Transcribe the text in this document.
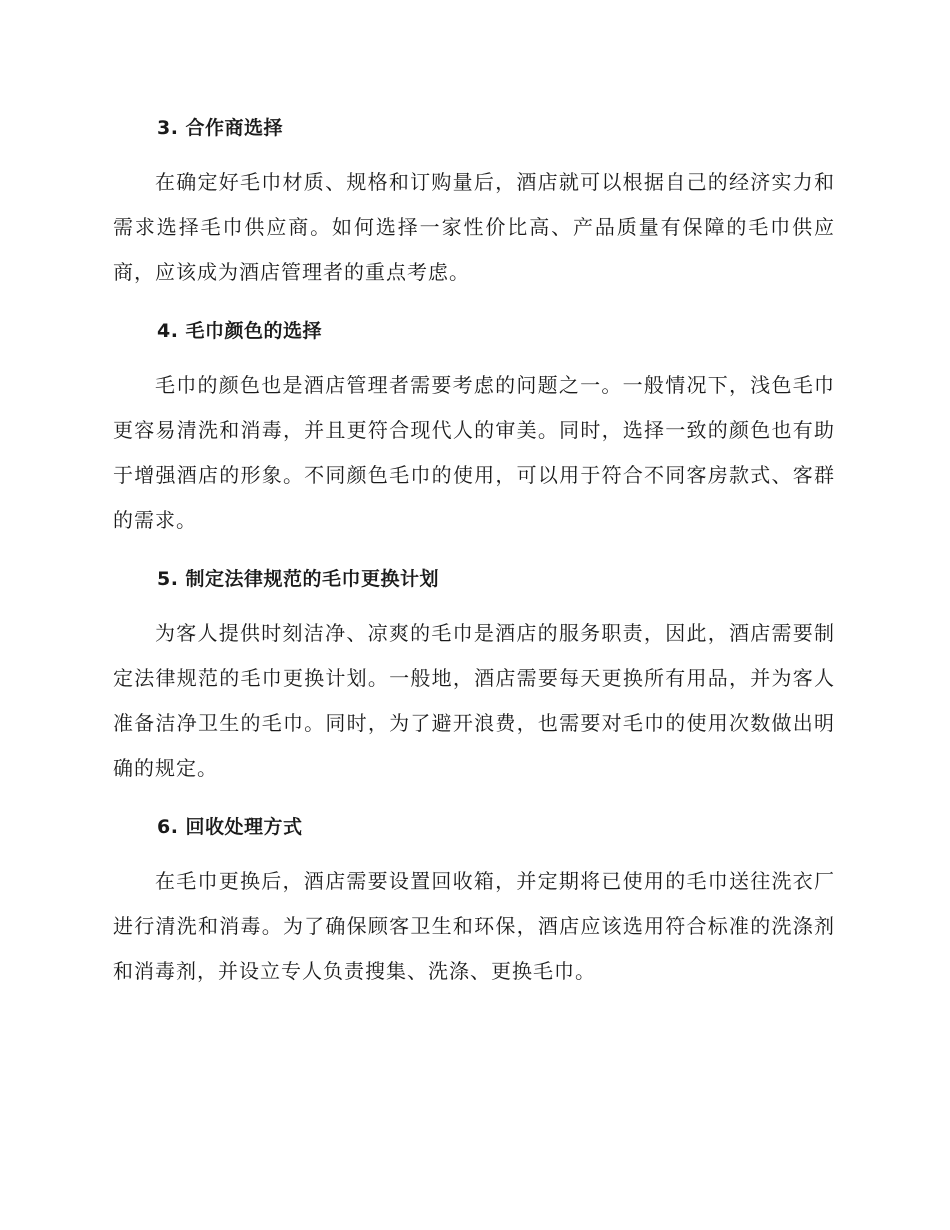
3. 合作商选择

在确定好毛巾材质、规格和订购量后，酒店就可以根据自己的经济实力和需求选择毛巾供应商。如何选择一家性价比高、产品质量有保障的毛巾供应商，应该成为酒店管理者的重点考虑。

4. 毛巾颜色的选择

毛巾的颜色也是酒店管理者需要考虑的问题之一。一般情况下，浅色毛巾更容易清洗和消毒，并且更符合现代人的审美。同时，选择一致的颜色也有助于增强酒店的形象。不同颜色毛巾的使用，可以用于符合不同客房款式、客群的需求。

5. 制定法律规范的毛巾更换计划

为客人提供时刻洁净、凉爽的毛巾是酒店的服务职责，因此，酒店需要制定法律规范的毛巾更换计划。一般地，酒店需要每天更换所有用品，并为客人准备洁净卫生的毛巾。同时，为了避开浪费，也需要对毛巾的使用次数做出明确的规定。

6. 回收处理方式

在毛巾更换后，酒店需要设置回收箱，并定期将已使用的毛巾送往洗衣厂进行清洗和消毒。为了确保顾客卫生和环保，酒店应该选用符合标准的洗涤剂和消毒剂，并设立专人负责搜集、洗涤、更换毛巾。
